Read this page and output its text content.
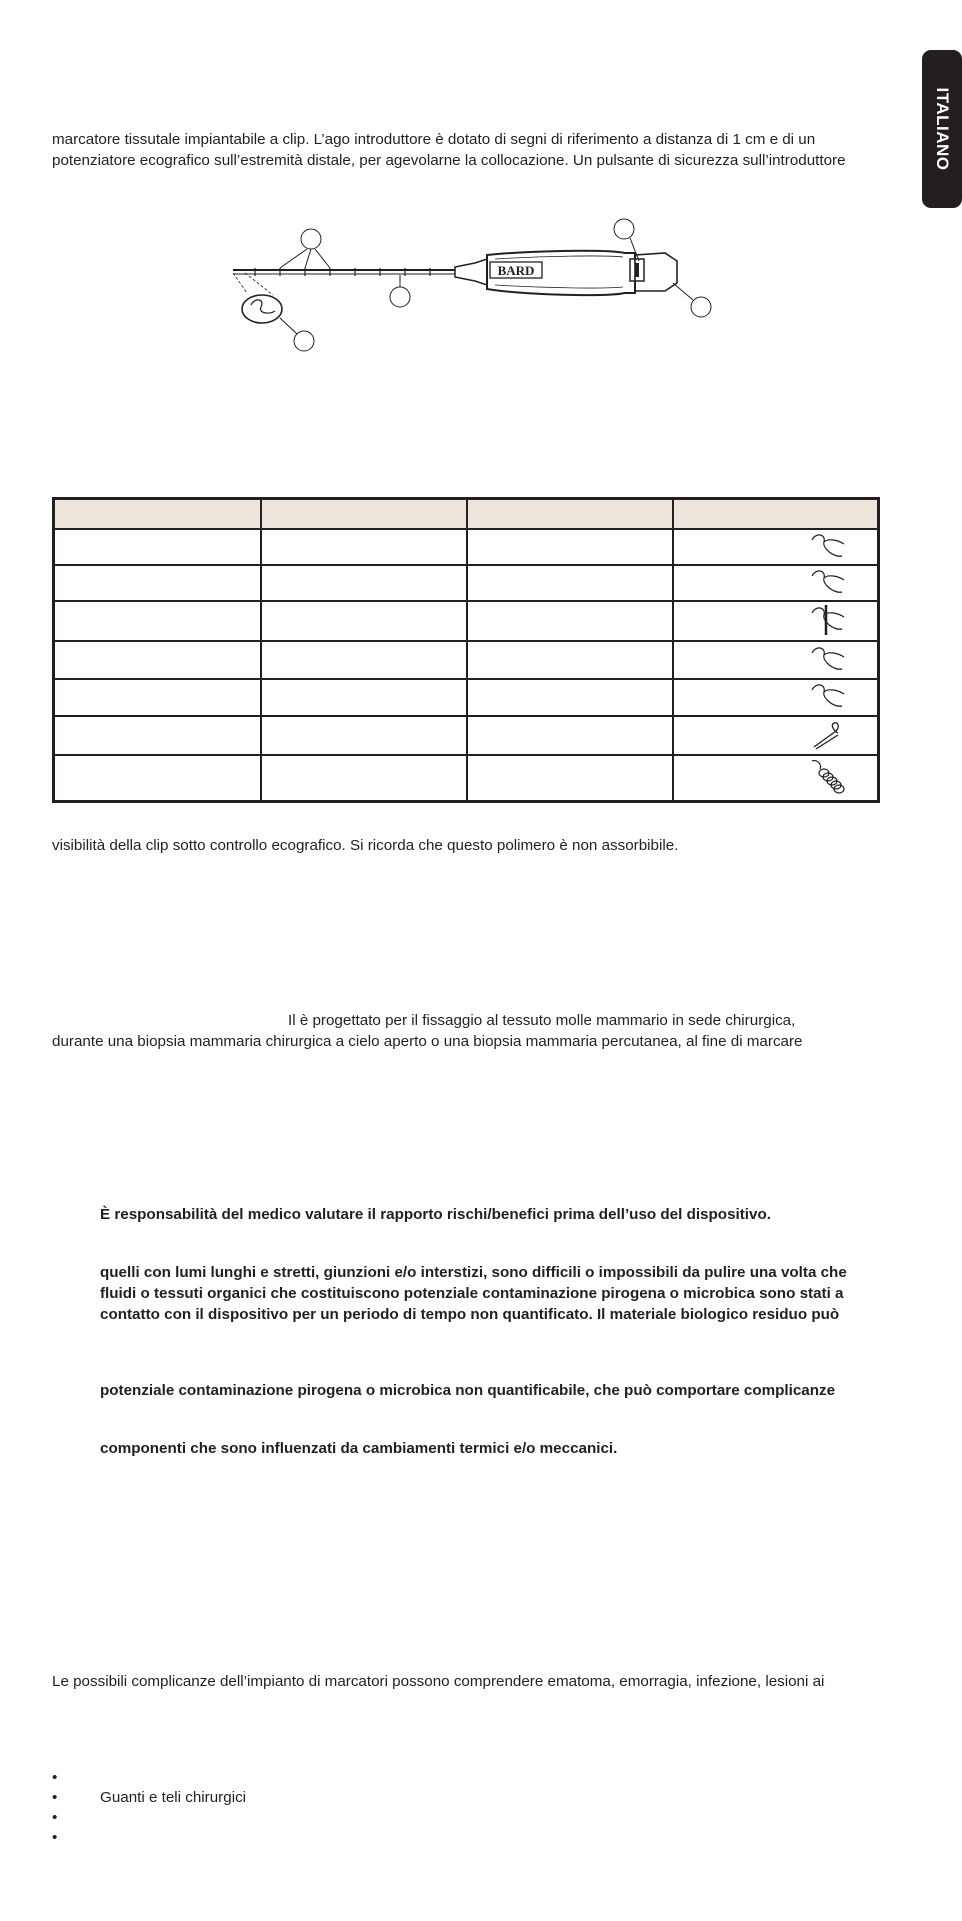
ITALIANO
marcatore tissutale impiantabile a clip. L’ago introduttore è dotato di segni di riferimento a distanza di 1 cm e di un
potenziatore ecografico sull’estremità distale, per agevolarne la collocazione. Un pulsante di sicurezza sull’introduttore
BARD
visibilità della clip sotto controllo ecografico. Si ricorda che questo polimero è non assorbibile.
Il è progettato per il fissaggio al tessuto molle mammario in sede chirurgica,
durante una biopsia mammaria chirurgica a cielo aperto o una biopsia mammaria percutanea, al fine di marcare
È responsabilità del medico valutare il rapporto rischi/benefici prima dell’uso del dispositivo.
quelli con lumi lunghi e stretti, giunzioni e/o interstizi, sono difficili o impossibili da pulire una volta che
fluidi o tessuti organici che costituiscono potenziale contaminazione pirogena o microbica sono stati a
contatto con il dispositivo per un periodo di tempo non quantificato. Il materiale biologico residuo può
potenziale contaminazione pirogena o microbica non quantificabile, che può comportare complicanze
componenti che sono influenzati da cambiamenti termici e/o meccanici.
Le possibili complicanze dell’impianto di marcatori possono comprendere ematoma, emorragia, infezione, lesioni ai
•
•	Guanti e teli chirurgici
•
•
